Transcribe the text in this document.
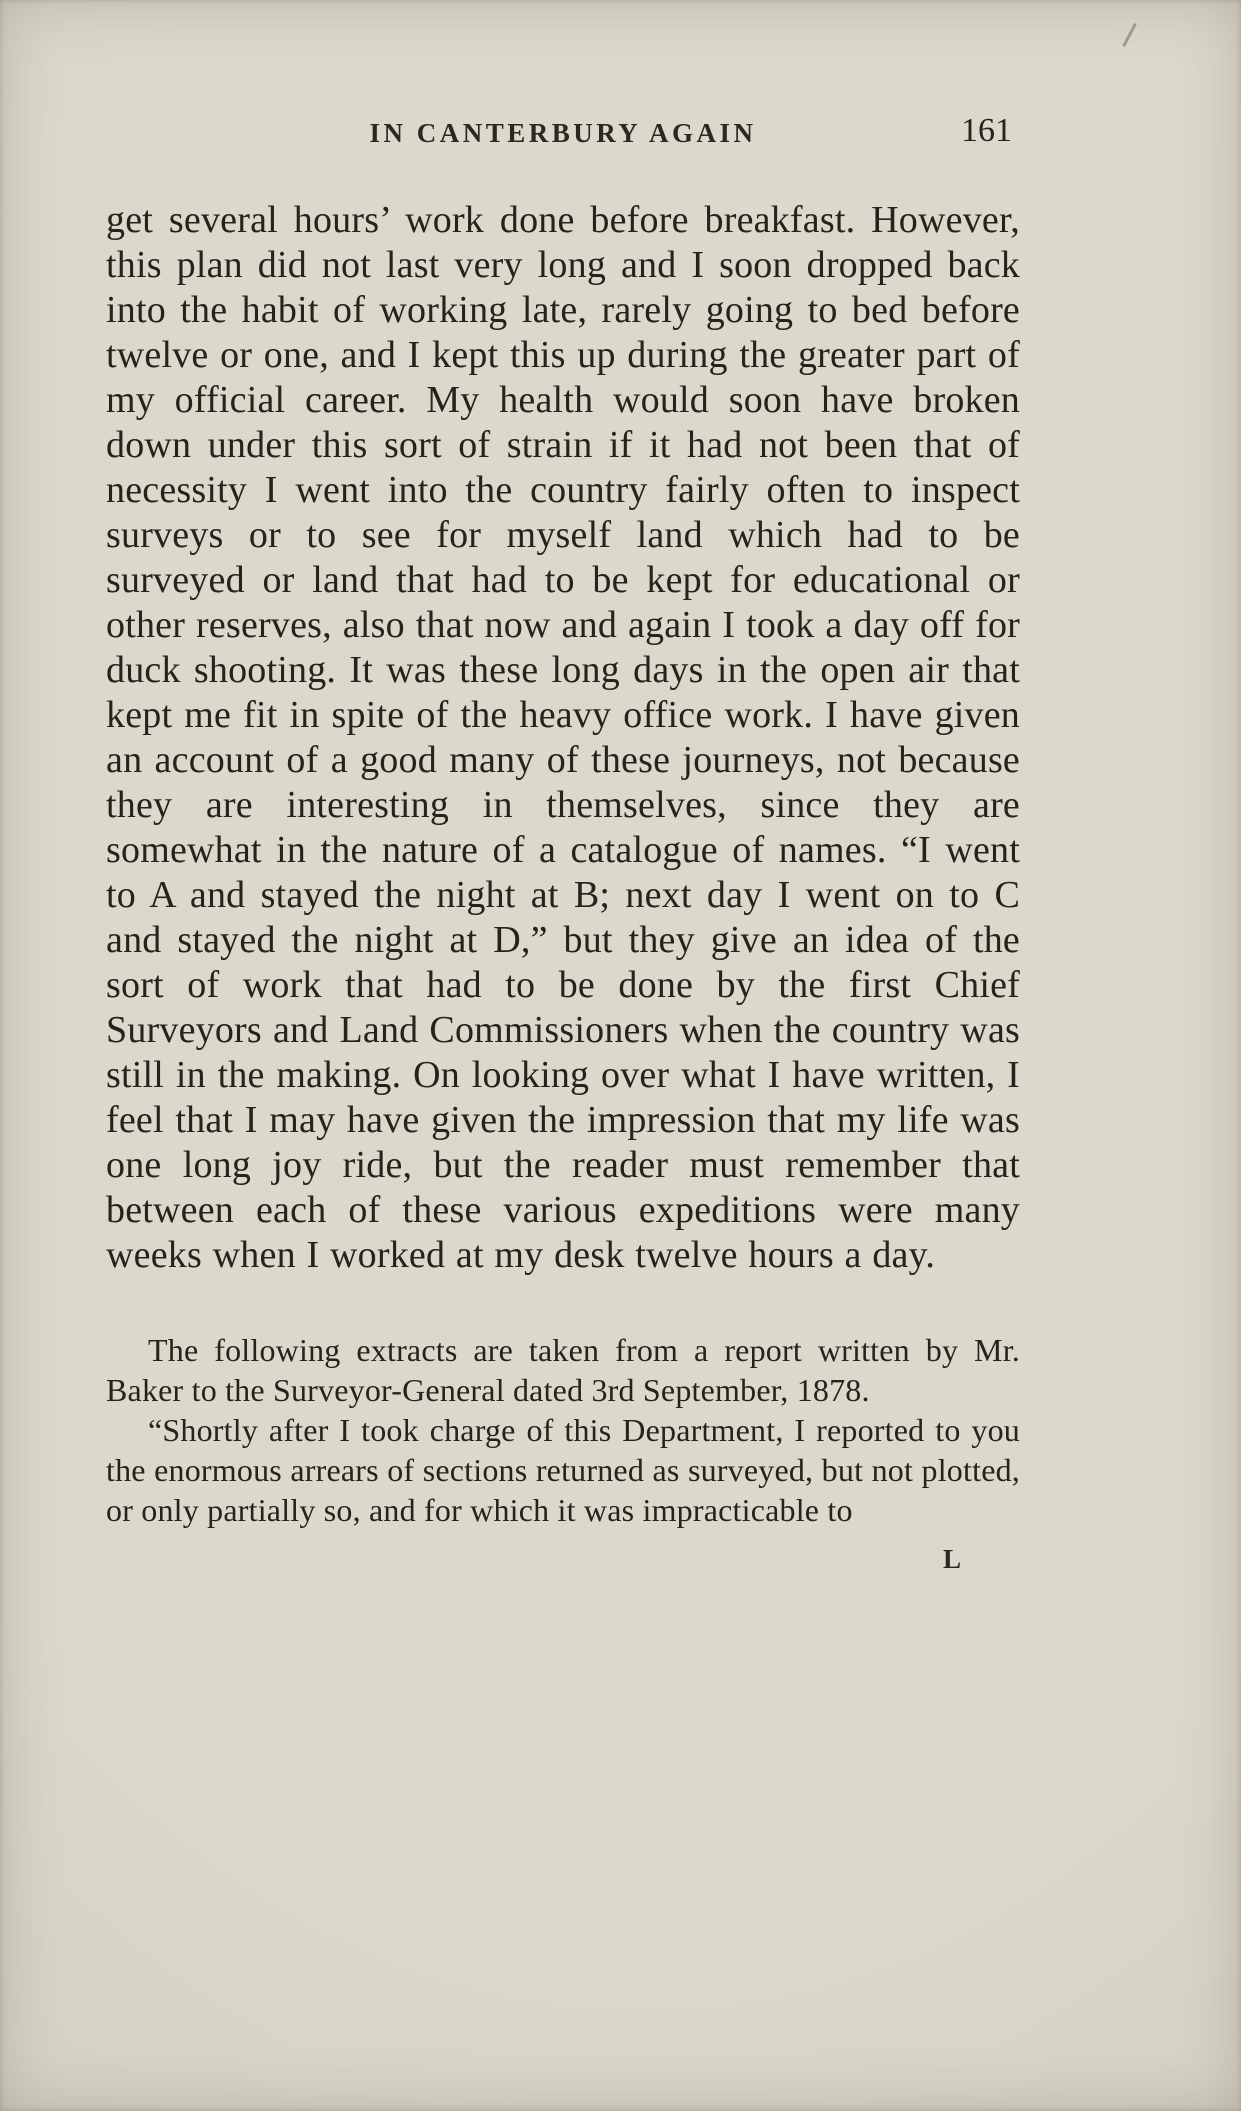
IN CANTERBURY AGAIN	161
get several hours’ work done before breakfast. However, this plan did not last very long and I soon dropped back into the habit of working late, rarely going to bed before twelve or one, and I kept this up during the greater part of my official career. My health would soon have broken down under this sort of strain if it had not been that of necessity I went into the country fairly often to inspect surveys or to see for myself land which had to be surveyed or land that had to be kept for educational or other reserves, also that now and again I took a day off for duck shooting. It was these long days in the open air that kept me fit in spite of the heavy office work. I have given an account of a good many of these journeys, not because they are interesting in themselves, since they are somewhat in the nature of a catalogue of names. “I went to A and stayed the night at B; next day I went on to C and stayed the night at D,” but they give an idea of the sort of work that had to be done by the first Chief Surveyors and Land Commissioners when the country was still in the making. On looking over what I have written, I feel that I may have given the impression that my life was one long joy ride, but the reader must remember that between each of these various expeditions were many weeks when I worked at my desk twelve hours a day.

The following extracts are taken from a report written by Mr. Baker to the Surveyor-General dated 3rd September, 1878.

“Shortly after I took charge of this Department, I reported to you the enormous arrears of sections returned as surveyed, but not plotted, or only partially so, and for which it was impracticable to

L
